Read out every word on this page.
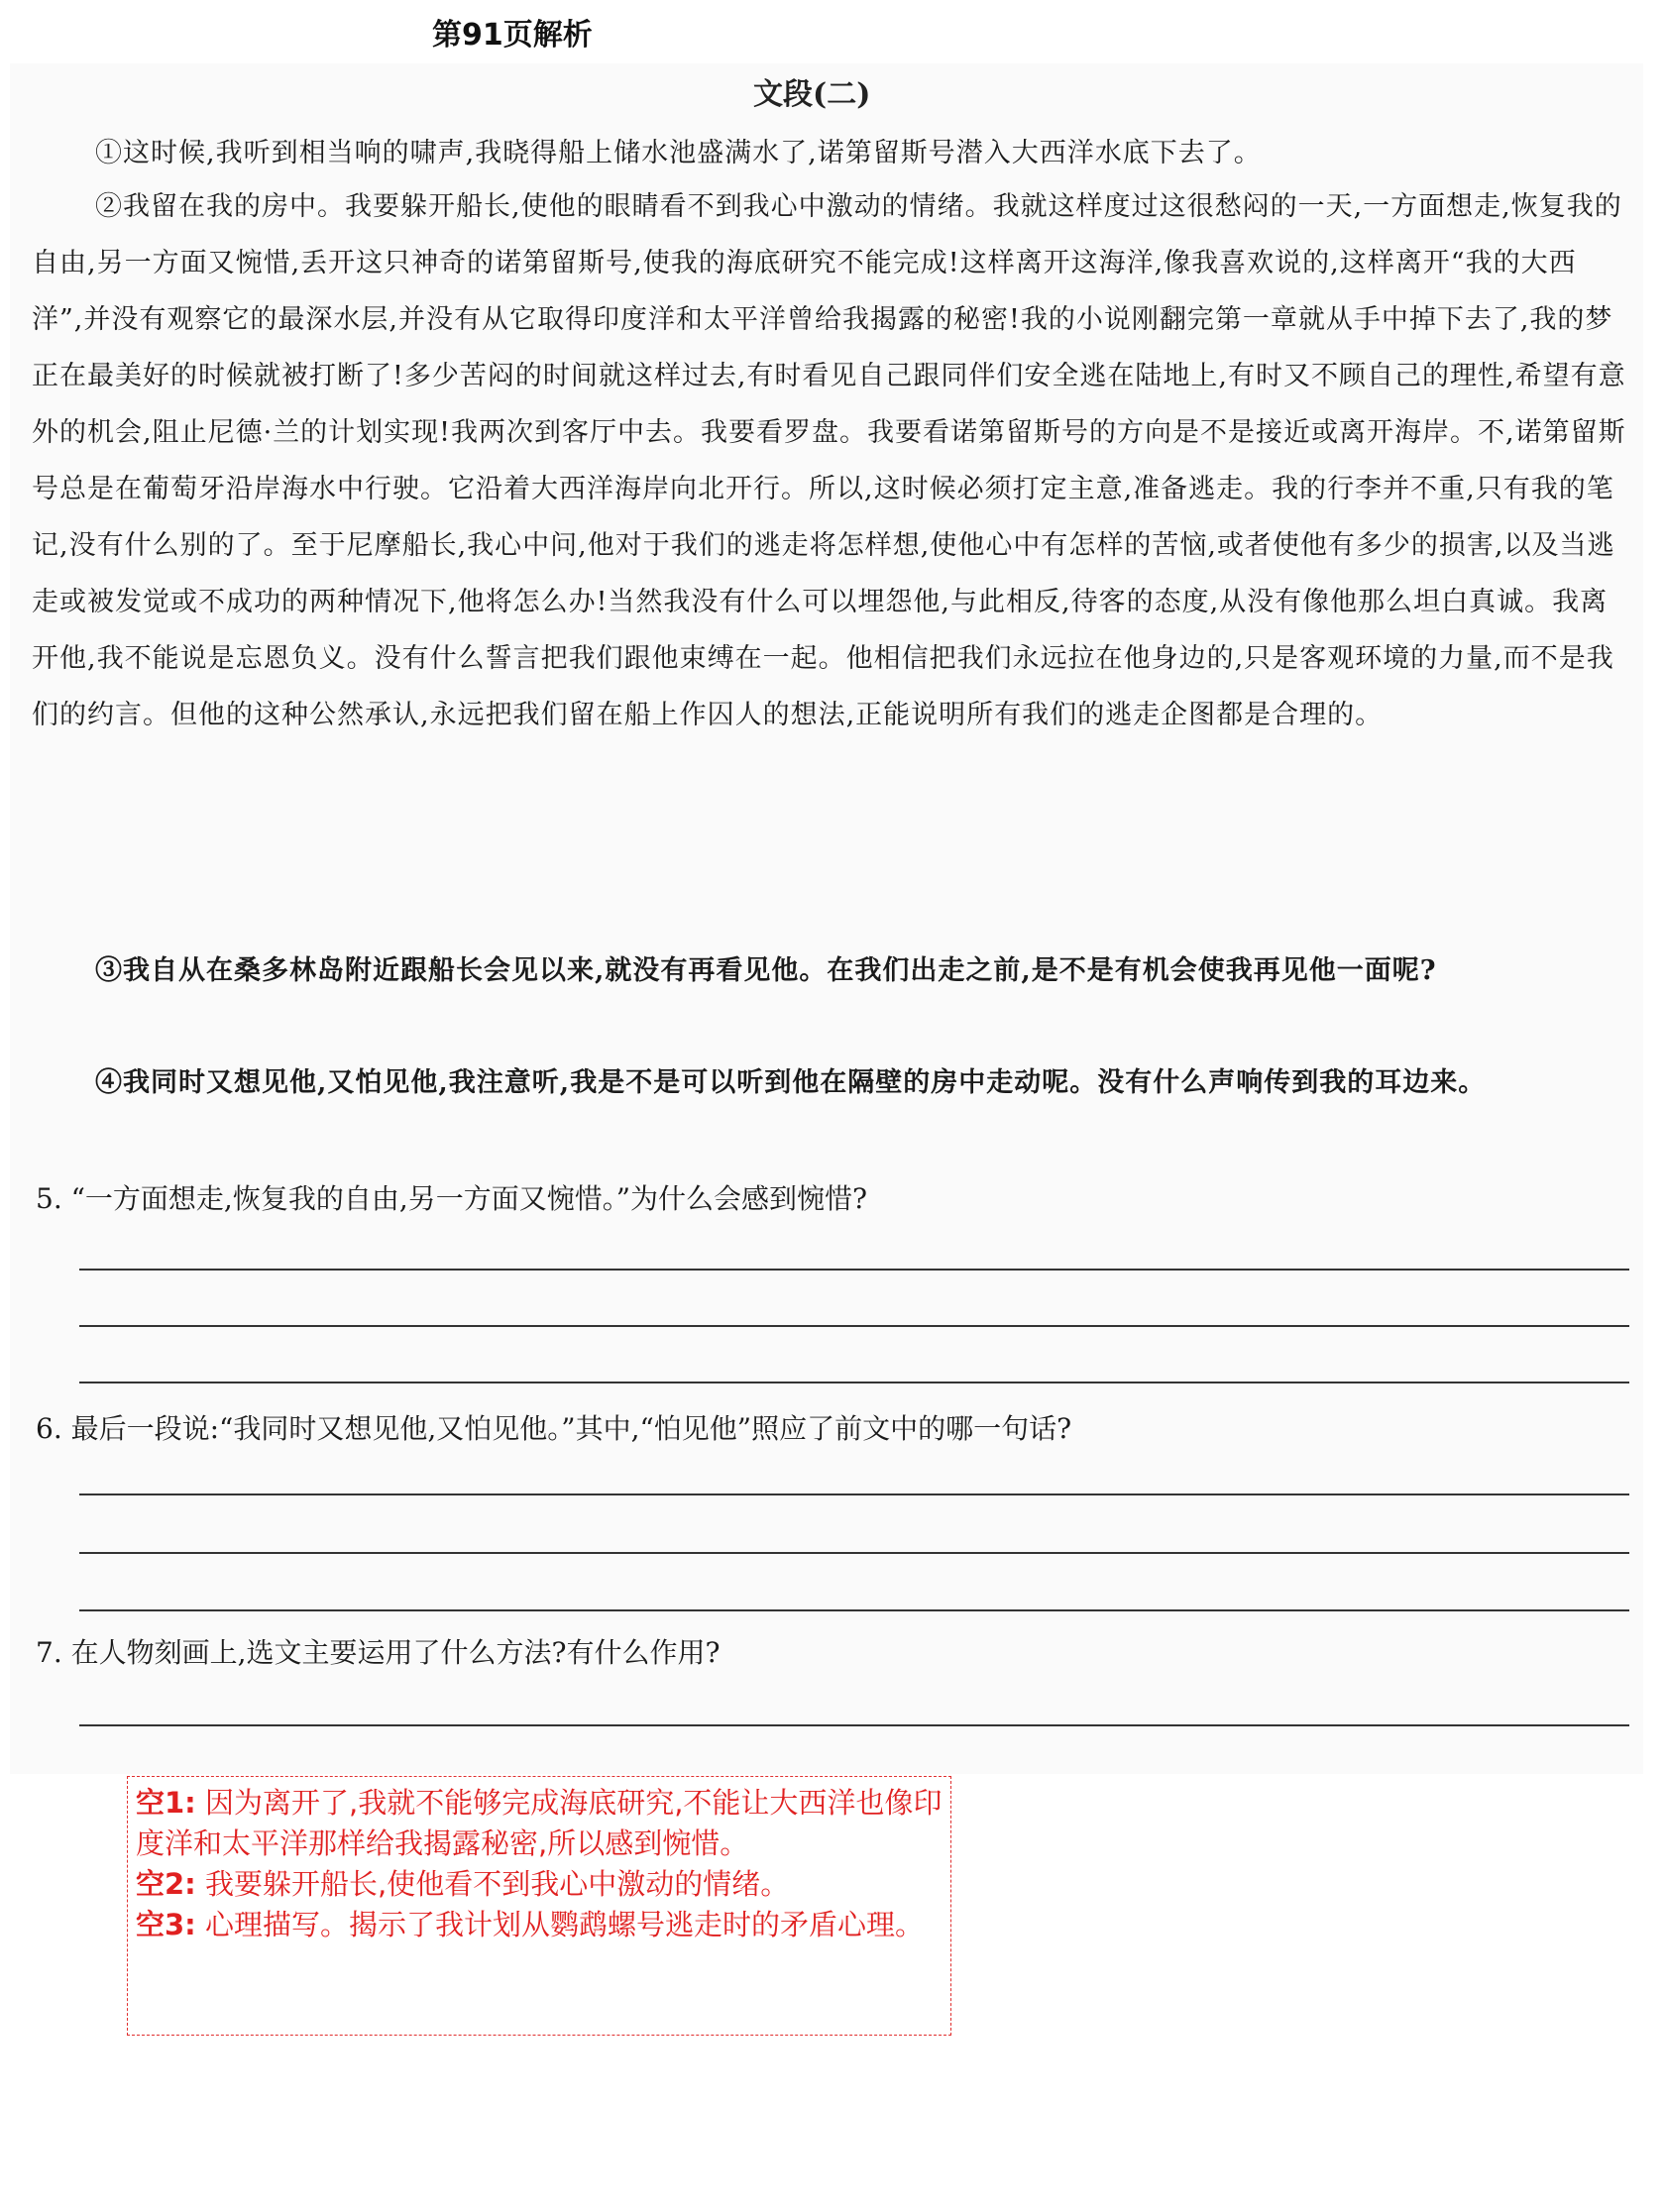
第91页解析
文段(二)

①这时候,我听到相当响的啸声,我晓得船上储水池盛满水了,诺第留斯号潜入大西洋水底下去了。

②我留在我的房中。我要躲开船长,使他的眼睛看不到我心中激动的情绪。我就这样度过这很愁闷的一天,一方面想走,恢复我的自由,另一方面又惋惜,丢开这只神奇的诺第留斯号,使我的海底研究不能完成!这样离开这海洋,像我喜欢说的,这样离开“我的大西洋”,并没有观察它的最深水层,并没有从它取得印度洋和太平洋曾给我揭露的秘密!我的小说刚翻完第一章就从手中掉下去了,我的梦正在最美好的时候就被打断了!多少苦闷的时间就这样过去,有时看见自己跟同伴们安全逃在陆地上,有时又不顾自己的理性,希望有意外的机会,阻止尼德·兰的计划实现!我两次到客厅中去。我要看罗盘。我要看诺第留斯号的方向是不是接近或离开海岸。不,诺第留斯号总是在葡萄牙沿岸海水中行驶。它沿着大西洋海岸向北开行。所以,这时候必须打定主意,准备逃走。我的行李并不重,只有我的笔记,没有什么别的了。至于尼摩船长,我心中问,他对于我们的逃走将怎样想,使他心中有怎样的苦恼,或者使他有多少的损害,以及当逃走或被发觉或不成功的两种情况下,他将怎么办!当然我没有什么可以埋怨他,与此相反,待客的态度,从没有像他那么坦白真诚。我离开他,我不能说是忘恩负义。没有什么誓言把我们跟他束缚在一起。他相信把我们永远拉在他身边的,只是客观环境的力量,而不是我们的约言。但他的这种公然承认,永远把我们留在船上作囚人的想法,正能说明所有我们的逃走企图都是合理的。

③我自从在桑多林岛附近跟船长会见以来,就没有再看见他。在我们出走之前,是不是有机会使我再见他一面呢?

④我同时又想见他,又怕见他,我注意听,我是不是可以听到他在隔壁的房中走动呢。没有什么声响传到我的耳边来。

5. “一方面想走,恢复我的自由,另一方面又惋惜。”为什么会感到惋惜?

6. 最后一段说:“我同时又想见他,又怕见他。”其中,“怕见他”照应了前文中的哪一句话?

7. 在人物刻画上,选文主要运用了什么方法?有什么作用?

空1: 因为离开了,我就不能够完成海底研究,不能让大西洋也像印度洋和太平洋那样给我揭露秘密,所以感到惋惜。

空2: 我要躲开船长,使他看不到我心中激动的情绪。

空3: 心理描写。揭示了我计划从鹦鹉螺号逃走时的矛盾心理。
